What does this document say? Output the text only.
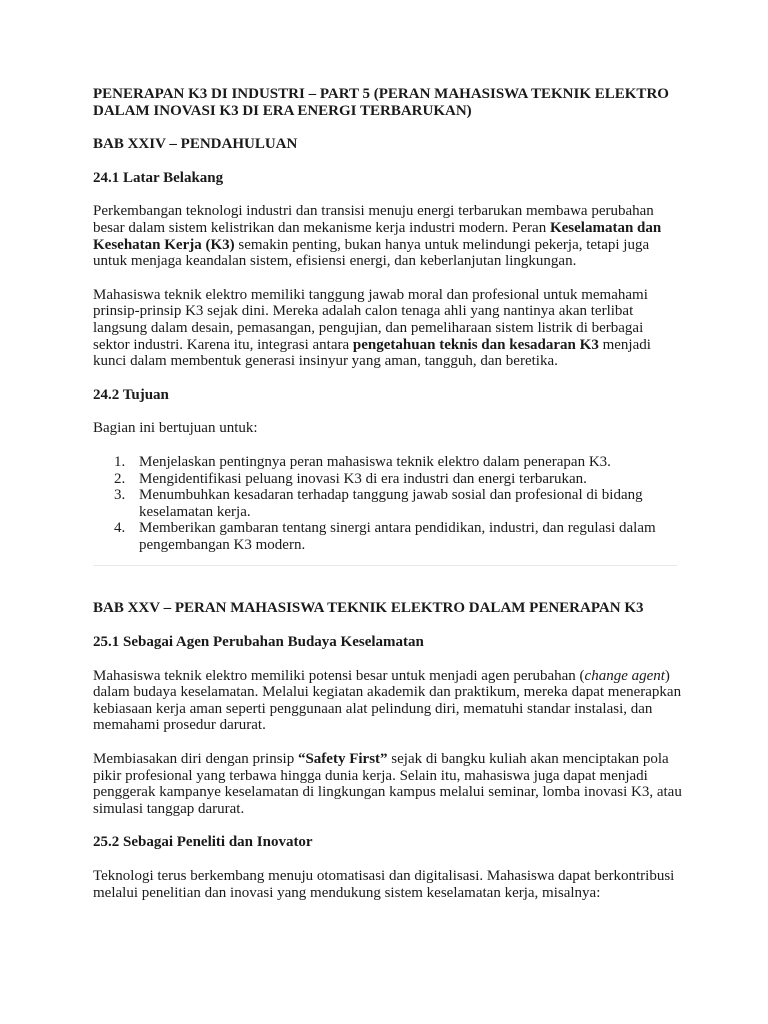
PENERAPAN K3 DI INDUSTRI – PART 5 (PERAN MAHASISWA TEKNIK ELEKTRO DALAM INOVASI K3 DI ERA ENERGI TERBARUKAN)

BAB XXIV – PENDAHULUAN

24.1 Latar Belakang

Perkembangan teknologi industri dan transisi menuju energi terbarukan membawa perubahan besar dalam sistem kelistrikan dan mekanisme kerja industri modern. Peran Keselamatan dan Kesehatan Kerja (K3) semakin penting, bukan hanya untuk melindungi pekerja, tetapi juga untuk menjaga keandalan sistem, efisiensi energi, dan keberlanjutan lingkungan.

Mahasiswa teknik elektro memiliki tanggung jawab moral dan profesional untuk memahami prinsip-prinsip K3 sejak dini. Mereka adalah calon tenaga ahli yang nantinya akan terlibat langsung dalam desain, pemasangan, pengujian, dan pemeliharaan sistem listrik di berbagai sektor industri. Karena itu, integrasi antara pengetahuan teknis dan kesadaran K3 menjadi kunci dalam membentuk generasi insinyur yang aman, tangguh, dan beretika.

24.2 Tujuan

Bagian ini bertujuan untuk:

1. Menjelaskan pentingnya peran mahasiswa teknik elektro dalam penerapan K3.
2. Mengidentifikasi peluang inovasi K3 di era industri dan energi terbarukan.
3. Menumbuhkan kesadaran terhadap tanggung jawab sosial dan profesional di bidang keselamatan kerja.
4. Memberikan gambaran tentang sinergi antara pendidikan, industri, dan regulasi dalam pengembangan K3 modern.

BAB XXV – PERAN MAHASISWA TEKNIK ELEKTRO DALAM PENERAPAN K3

25.1 Sebagai Agen Perubahan Budaya Keselamatan

Mahasiswa teknik elektro memiliki potensi besar untuk menjadi agen perubahan (change agent) dalam budaya keselamatan. Melalui kegiatan akademik dan praktikum, mereka dapat menerapkan kebiasaan kerja aman seperti penggunaan alat pelindung diri, mematuhi standar instalasi, dan memahami prosedur darurat.

Membiasakan diri dengan prinsip “Safety First” sejak di bangku kuliah akan menciptakan pola pikir profesional yang terbawa hingga dunia kerja. Selain itu, mahasiswa juga dapat menjadi penggerak kampanye keselamatan di lingkungan kampus melalui seminar, lomba inovasi K3, atau simulasi tanggap darurat.

25.2 Sebagai Peneliti dan Inovator

Teknologi terus berkembang menuju otomatisasi dan digitalisasi. Mahasiswa dapat berkontribusi melalui penelitian dan inovasi yang mendukung sistem keselamatan kerja, misalnya:
